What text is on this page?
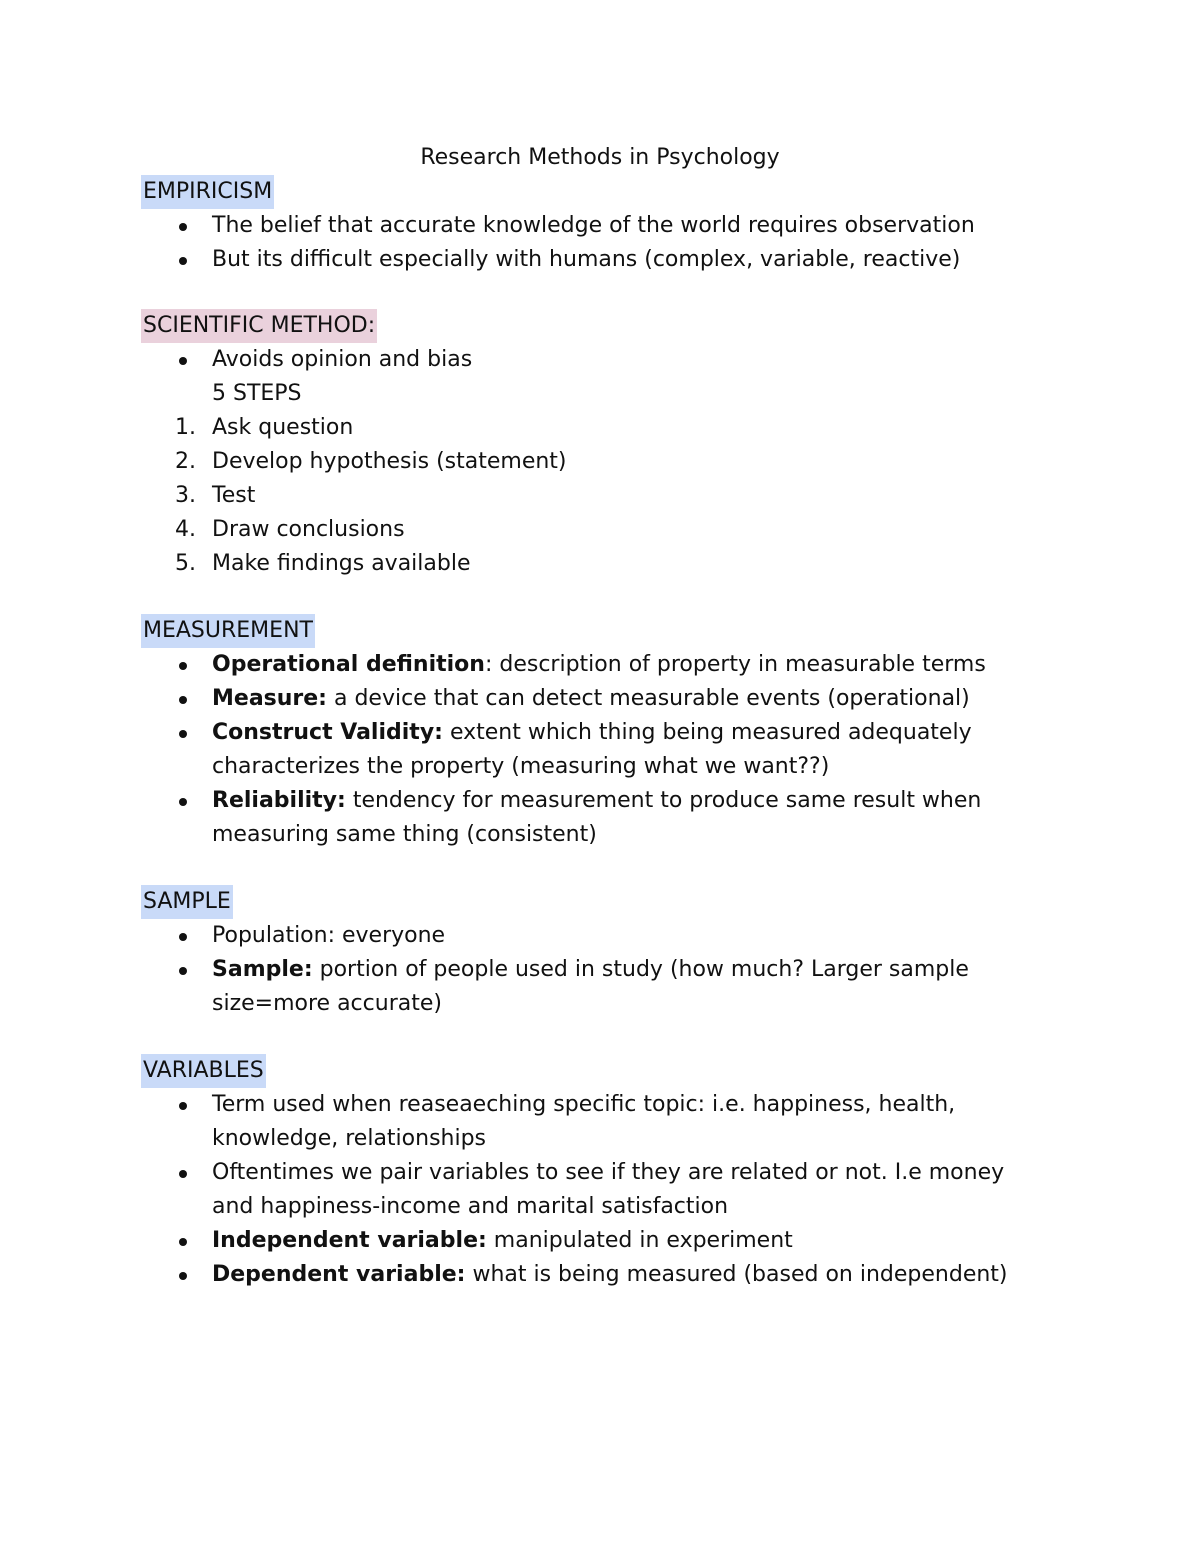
Research Methods in Psychology
EMPIRICISM
The belief that accurate knowledge of the world requires observation
But its difficult especially with humans (complex, variable, reactive)
SCIENTIFIC METHOD:
Avoids opinion and bias
5 STEPS
1. Ask question
2. Develop hypothesis (statement)
3. Test
4. Draw conclusions
5. Make findings available
MEASUREMENT
Operational definition: description of property in measurable terms
Measure: a device that can detect measurable events (operational)
Construct Validity: extent which thing being measured adequately characterizes the property (measuring what we want??)
Reliability: tendency for measurement to produce same result when measuring same thing (consistent)
SAMPLE
Population: everyone
Sample: portion of people used in study (how much? Larger sample size=more accurate)
VARIABLES
Term used when reaseaeching specific topic: i.e. happiness, health, knowledge, relationships
Oftentimes we pair variables to see if they are related or not. I.e money and happiness-income and marital satisfaction
Independent variable: manipulated in experiment
Dependent variable: what is being measured (based on independent)
